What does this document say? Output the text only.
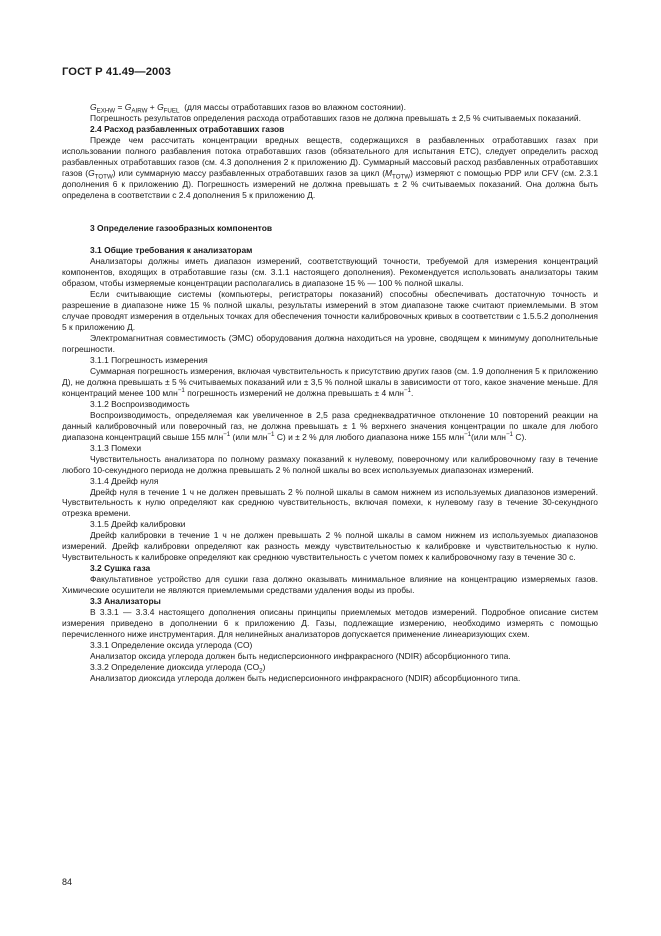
ГОСТ Р 41.49—2003

$G_{EXHW} = G_{AIRW} + G_{FUEL}$ (для массы отработавших газов во влажном состоянии).

Погрешность результатов определения расхода отработавших газов не должна превышать ± 2,5 % считываемых показаний.

2.4 Расход разбавленных отработавших газов

Прежде чем рассчитать концентрации вредных веществ, содержащихся в разбавленных отработавших газах при использовании полного разбавления потока отработавших газов (обязательного для испытания ETC), следует определить расход разбавленных отработавших газов (см. 4.3 дополнения 2 к приложению Д). Суммарный массовый расход разбавленных отработавших газов $(G_{TOTW})$ или суммарную массу разбавленных отработавших газов за цикл $(M_{TOTW})$ измеряют с помощью PDP или CFV (см. 2.3.1 дополнения 6 к приложению Д). Погрешность измерений не должна превышать ± 2 % считываемых показаний. Она должна быть определена в соответствии с 2.4 дополнения 5 к приложению Д.

3 Определение газообразных компонентов

3.1 Общие требования к анализаторам

Анализаторы должны иметь диапазон измерений, соответствующий точности, требуемой для измерения концентраций компонентов, входящих в отработавшие газы (см. 3.1.1 настоящего дополнения). Рекомендуется использовать анализаторы таким образом, чтобы измеряемые концентрации располагались в диапазоне 15 % — 100 % полной шкалы.

Если считывающие системы (компьютеры, регистраторы показаний) способны обеспечивать достаточную точность и разрешение в диапазоне ниже 15 % полной шкалы, результаты измерений в этом диапазоне также считают приемлемыми. В этом случае проводят измерения в отдельных точках для обеспечения точности калибровочных кривых в соответствии с 1.5.5.2 дополнения 5 к приложению Д.

Электромагнитная совместимость (ЭМС) оборудования должна находиться на уровне, сводящем к минимуму дополнительные погрешности.

3.1.1 Погрешность измерения

Суммарная погрешность измерения, включая чувствительность к присутствию других газов (см. 1.9 дополнения 5 к приложению Д), не должна превышать ± 5 % считываемых показаний или ± 3,5 % полной шкалы в зависимости от того, какое значение меньше. Для концентраций менее 100 млн$^{-1}$ погрешность измерений не должна превышать ± 4 млн$^{-1}$.

3.1.2 Воспроизводимость

Воспроизводимость, определяемая как увеличенное в 2,5 раза среднеквадратичное отклонение 10 повторений реакции на данный калибровочный или поверочный газ, не должна превышать ± 1 % верхнего значения концентрации по шкале для любого диапазона концентраций свыше 155 млн$^{-1}$ (или млн$^{-1}$ С) и ± 2 % для любого диапазона ниже 155 млн$^{-1}$(или млн$^{-1}$ С).

3.1.3 Помехи

Чувствительность анализатора по полному размаху показаний к нулевому, поверочному или калибровочному газу в течение любого 10-секундного периода не должна превышать 2 % полной шкалы во всех используемых диапазонах измерений.

3.1.4 Дрейф нуля

Дрейф нуля в течение 1 ч не должен превышать 2 % полной шкалы в самом нижнем из используемых диапазонов измерений. Чувствительность к нулю определяют как среднюю чувствительность, включая помехи, к нулевому газу в течение 30-секундного отрезка времени.

3.1.5 Дрейф калибровки

Дрейф калибровки в течение 1 ч не должен превышать 2 % полной шкалы в самом нижнем из используемых диапазонов измерений. Дрейф калибровки определяют как разность между чувствительностью к калибровке и чувствительностью к нулю. Чувствительность к калибровке определяют как среднюю чувствительность с учетом помех к калибровочному газу в течение 30 с.

3.2 Сушка газа

Факультативное устройство для сушки газа должно оказывать минимальное влияние на концентрацию измеряемых газов. Химические осушители не являются приемлемыми средствами удаления воды из пробы.

3.3 Анализаторы

В 3.3.1 — 3.3.4 настоящего дополнения описаны принципы приемлемых методов измерений. Подробное описание систем измерения приведено в дополнении 6 к приложению Д. Газы, подлежащие измерению, необходимо измерять с помощью перечисленного ниже инструментария. Для нелинейных анализаторов допускается применение линеаризующих схем.

3.3.1 Определение оксида углерода (CO)

Анализатор оксида углерода должен быть недисперсионного инфракрасного (NDIR) абсорбционного типа.

3.3.2 Определение диоксида углерода $(CO_2)$

Анализатор диоксида углерода должен быть недисперсионного инфракрасного (NDIR) абсорбционного типа.

84
